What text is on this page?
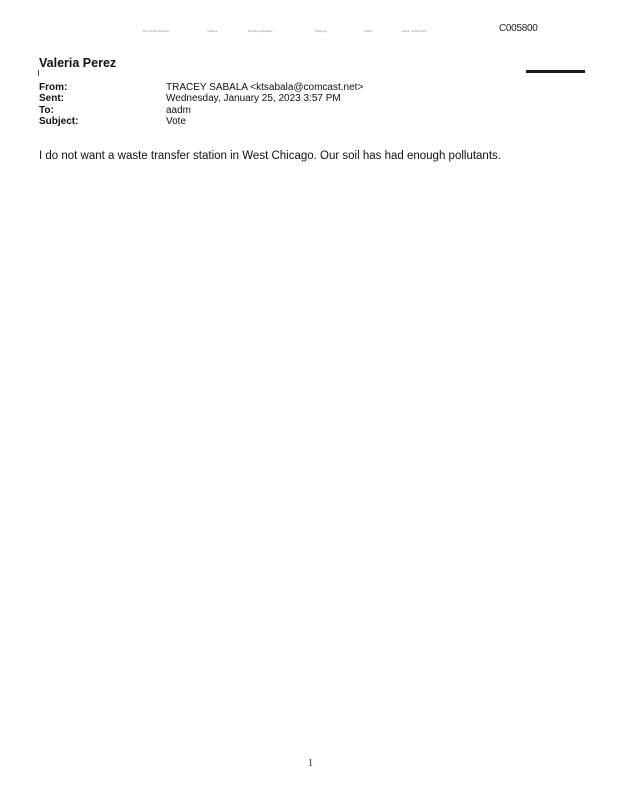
Microsoft Outlook	Valeria	Pending Release	Hearing	Public	Date: 1/26/2023	C005800
Valeria Perez
From:	TRACEY SABALA <ktsabala@comcast.net>
Sent:	Wednesday, January 25, 2023 3:57 PM
To:	aadm
Subject:	Vote
I do not want a waste transfer station in West Chicago. Our soil has had enough pollutants.
1
